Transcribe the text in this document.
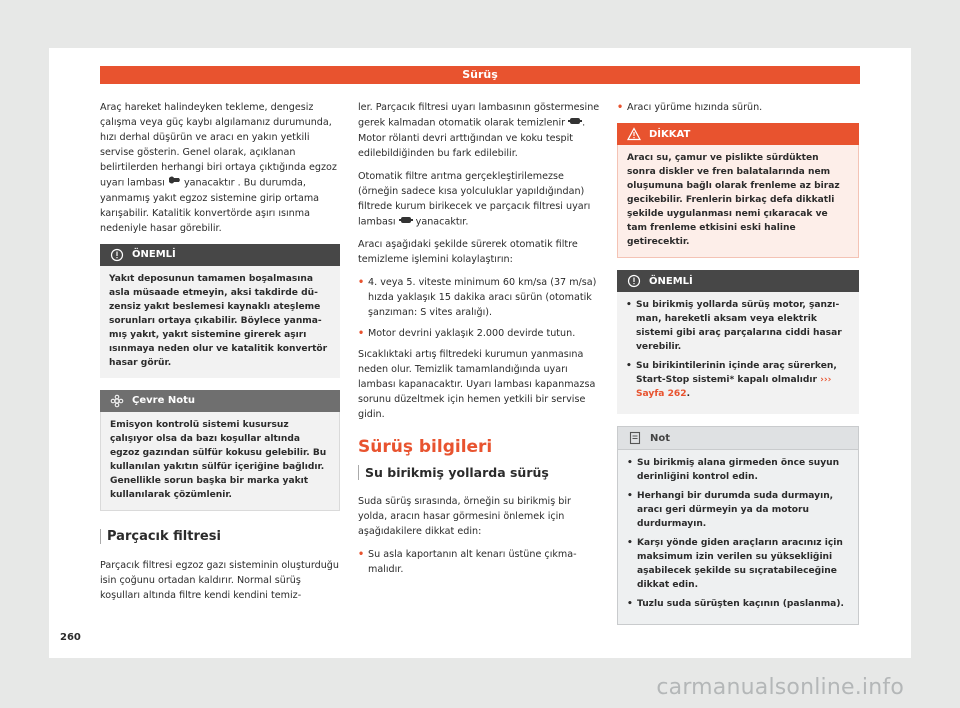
Sürüş

Araç hareket halindeyken tekleme, dengesiz çalışma veya güç kaybı algılamanız durumunda, hızı derhal düşürün ve aracı en yakın yetkili servise gösterin. Genel olarak, açıklanan belirtilerden herhangi biri ortaya çıktığında egzoz uyarı lambası yanacaktır . Bu durumda, yanmamış yakıt egzoz sistemine girip ortama karışabilir. Katalitik konvertörde aşırı ısınma nedeniyle hasar görebilir.

ÖNEMLİ
Yakıt deposunun tamamen boşalmasına asla müsaade etmeyin, aksi takdirde düzensiz yakıt beslemesi kaynaklı ateşleme sorunları ortaya çıkabilir. Böylece yanmamış yakıt, yakıt sistemine girerek aşırı ısınmaya neden olur ve katalitik konvertör hasar görür.
Çevre Notu
Emisyon kontrolü sistemi kusursuz çalışıyor olsa da bazı koşullar altında egzoz gazından sülfür kokusu gelebilir. Bu kullanılan yakıtın sülfür içeriğine bağlıdır. Genellikle sorun başka bir marka yakıt kullanılarak çözümlenir.
Parçacık filtresi

Parçacık filtresi egzoz gazı sisteminin oluşturduğu isin çoğunu ortadan kaldırır. Normal sürüş koşulları altında filtre kendi kendini temiz-

ler. Parçacık filtresi uyarı lambasının göstermesine gerek kalmadan otomatik olarak temizlenir . Motor rölanti devri arttığından ve koku tespit edilebildiğinden bu fark edilebilir.

Otomatik filtre arıtma gerçekleştirilemezse (örneğin sadece kısa yolculuklar yapıldığından) filtrede kurum birikecek ve parçacık filtresi uyarı lambası yanacaktır.

Aracı aşağıdaki şekilde sürerek otomatik filtre temizleme işlemini kolaylaştırın:

• 4. veya 5. viteste minimum 60 km/sa (37 m/sa) hızda yaklaşık 15 dakika aracı sürün (otomatik şanzıman: S vites aralığı).
• Motor devrini yaklaşık 2.000 devirde tutun.

Sıcaklıktaki artış filtredeki kurumun yanmasına neden olur. Temizlik tamamlandığında uyarı lambası kapanacaktır. Uyarı lambası kapanmazsa sorunu düzeltmek için hemen yetkili bir servise gidin.

Sürüş bilgileri
Su birikmiş yollarda sürüş

Suda sürüş sırasında, örneğin su birikmiş bir yolda, aracın hasar görmesini önlemek için aşağıdakilere dikkat edin:

• Su asla kaportanın alt kenarı üstüne çıkmamalıdır.
• Aracı yürüme hızında sürün.
DİKKAT
Aracı su, çamur ve pislikte sürdükten sonra diskler ve fren balatalarında nem oluşumuna bağlı olarak frenleme az biraz gecikebilir. Frenlerin birkaç defa dikkatli şekilde uygulanması nemi çıkaracak ve tam frenleme etkisini eski haline getirecektir.
ÖNEMLİ
• Su birikmiş yollarda sürüş motor, şanzıman, hareketli aksam veya elektrik sistemi gibi araç parçalarına ciddi hasar verebilir.
• Su birikintilerinin içinde araç sürerken, Start-Stop sistemi* kapalı olmalıdır ››› Sayfa 262.
Not
• Su birikmiş alana girmeden önce suyun derinliğini kontrol edin.
• Herhangi bir durumda suda durmayın, aracı geri dürmeyin ya da motoru durdurmayın.
• Karşı yönde giden araçların aracınız için maksimum izin verilen su yüksekliğini aşabilecek şekilde su sıçratabileceğine dikkat edin.
• Tuzlu suda sürüşten kaçının (paslanma).
260
carmanualsonline.info
